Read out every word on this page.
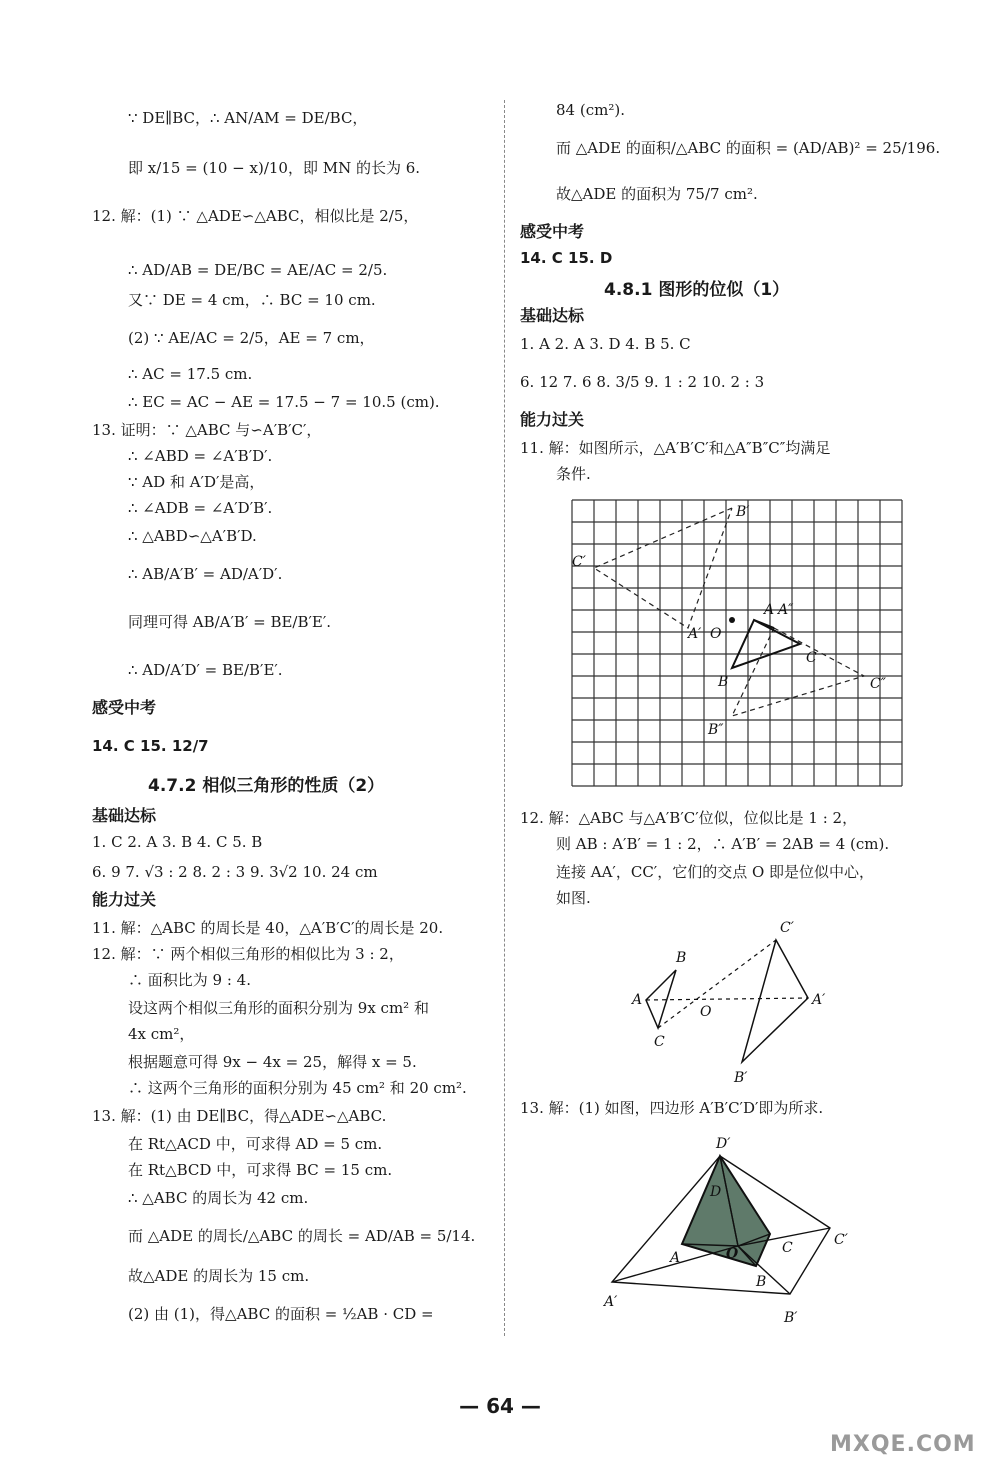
∵ DE∥BC，∴ AN/AM = DE/BC，
即 x/15 = (10 − x)/10，即 MN 的长为 6.
12. 解：(1) ∵ △ADE∽△ABC，相似比是 2/5，
∴ AD/AB = DE/BC = AE/AC = 2/5.
又∵ DE = 4 cm，∴ BC = 10 cm.
(2) ∵ AE/AC = 2/5，AE = 7 cm，
∴ AC = 17.5 cm.
∴ EC = AC − AE = 17.5 − 7 = 10.5 (cm).
13. 证明：∵ △ABC 与∽A′B′C′，
∴ ∠ABD = ∠A′B′D′.
∵ AD 和 A′D′是高，
∴ ∠ADB = ∠A′D′B′.
∴ △ABD∽△A′B′D.
∴ AB/A′B′ = AD/A′D′.
同理可得 AB/A′B′ = BE/B′E′.
∴ AD/A′D′ = BE/B′E′.
感受中考
14. C 15. 12/7
4.7.2 相似三角形的性质（2）
基础达标
1. C 2. A 3. B 4. C 5. B
6. 9 7. √3 : 2 8. 2 : 3 9. 3√2 10. 24 cm
能力过关
11. 解：△ABC 的周长是 40，△A′B′C′的周长是 20.
12. 解：∵ 两个相似三角形的相似比为 3 : 2，
∴ 面积比为 9 : 4.
设这两个相似三角形的面积分别为 9x cm² 和
4x cm²，
根据题意可得 9x − 4x = 25，解得 x = 5.
∴ 这两个三角形的面积分别为 45 cm² 和 20 cm².
13. 解：(1) 由 DE∥BC，得△ADE∽△ABC.
在 Rt△ACD 中，可求得 AD = 5 cm.
在 Rt△BCD 中，可求得 BC = 15 cm.
∴ △ABC 的周长为 42 cm.
而 △ADE 的周长/△ABC 的周长 = AD/AB = 5/14.
故△ADE 的周长为 15 cm.
(2) 由 (1)，得△ABC 的面积 = ½AB · CD =
84 (cm²).
而 △ADE 的面积/△ABC 的面积 = (AD/AB)² = 25/196.
故△ADE 的面积为 75/7 cm².
感受中考
14. C 15. D
4.8.1 图形的位似（1）
基础达标
1. A 2. A 3. D 4. B 5. C
6. 12 7. 6 8. 3/5 9. 1 : 2 10. 2 : 3
能力过关
11. 解：如图所示，△A′B′C′和△A″B″C″均满足
条件.
12. 解：△ABC 与△A′B′C′位似，位似比是 1 : 2，
则 AB : A′B′ = 1 : 2，∴ A′B′ = 2AB = 4 (cm).
连接 AA′，CC′，它们的交点 O 即是位似中心，
如图.
13. 解：(1) 如图，四边形 A′B′C′D′即为所求.
B′
C′
A A″
A′ O
C
B	C″
B″
B
A
C
O
C′
A′
B′
D′
D
O	C	C′
A
B
A′
B′
— 64 —
MXQE.COM
